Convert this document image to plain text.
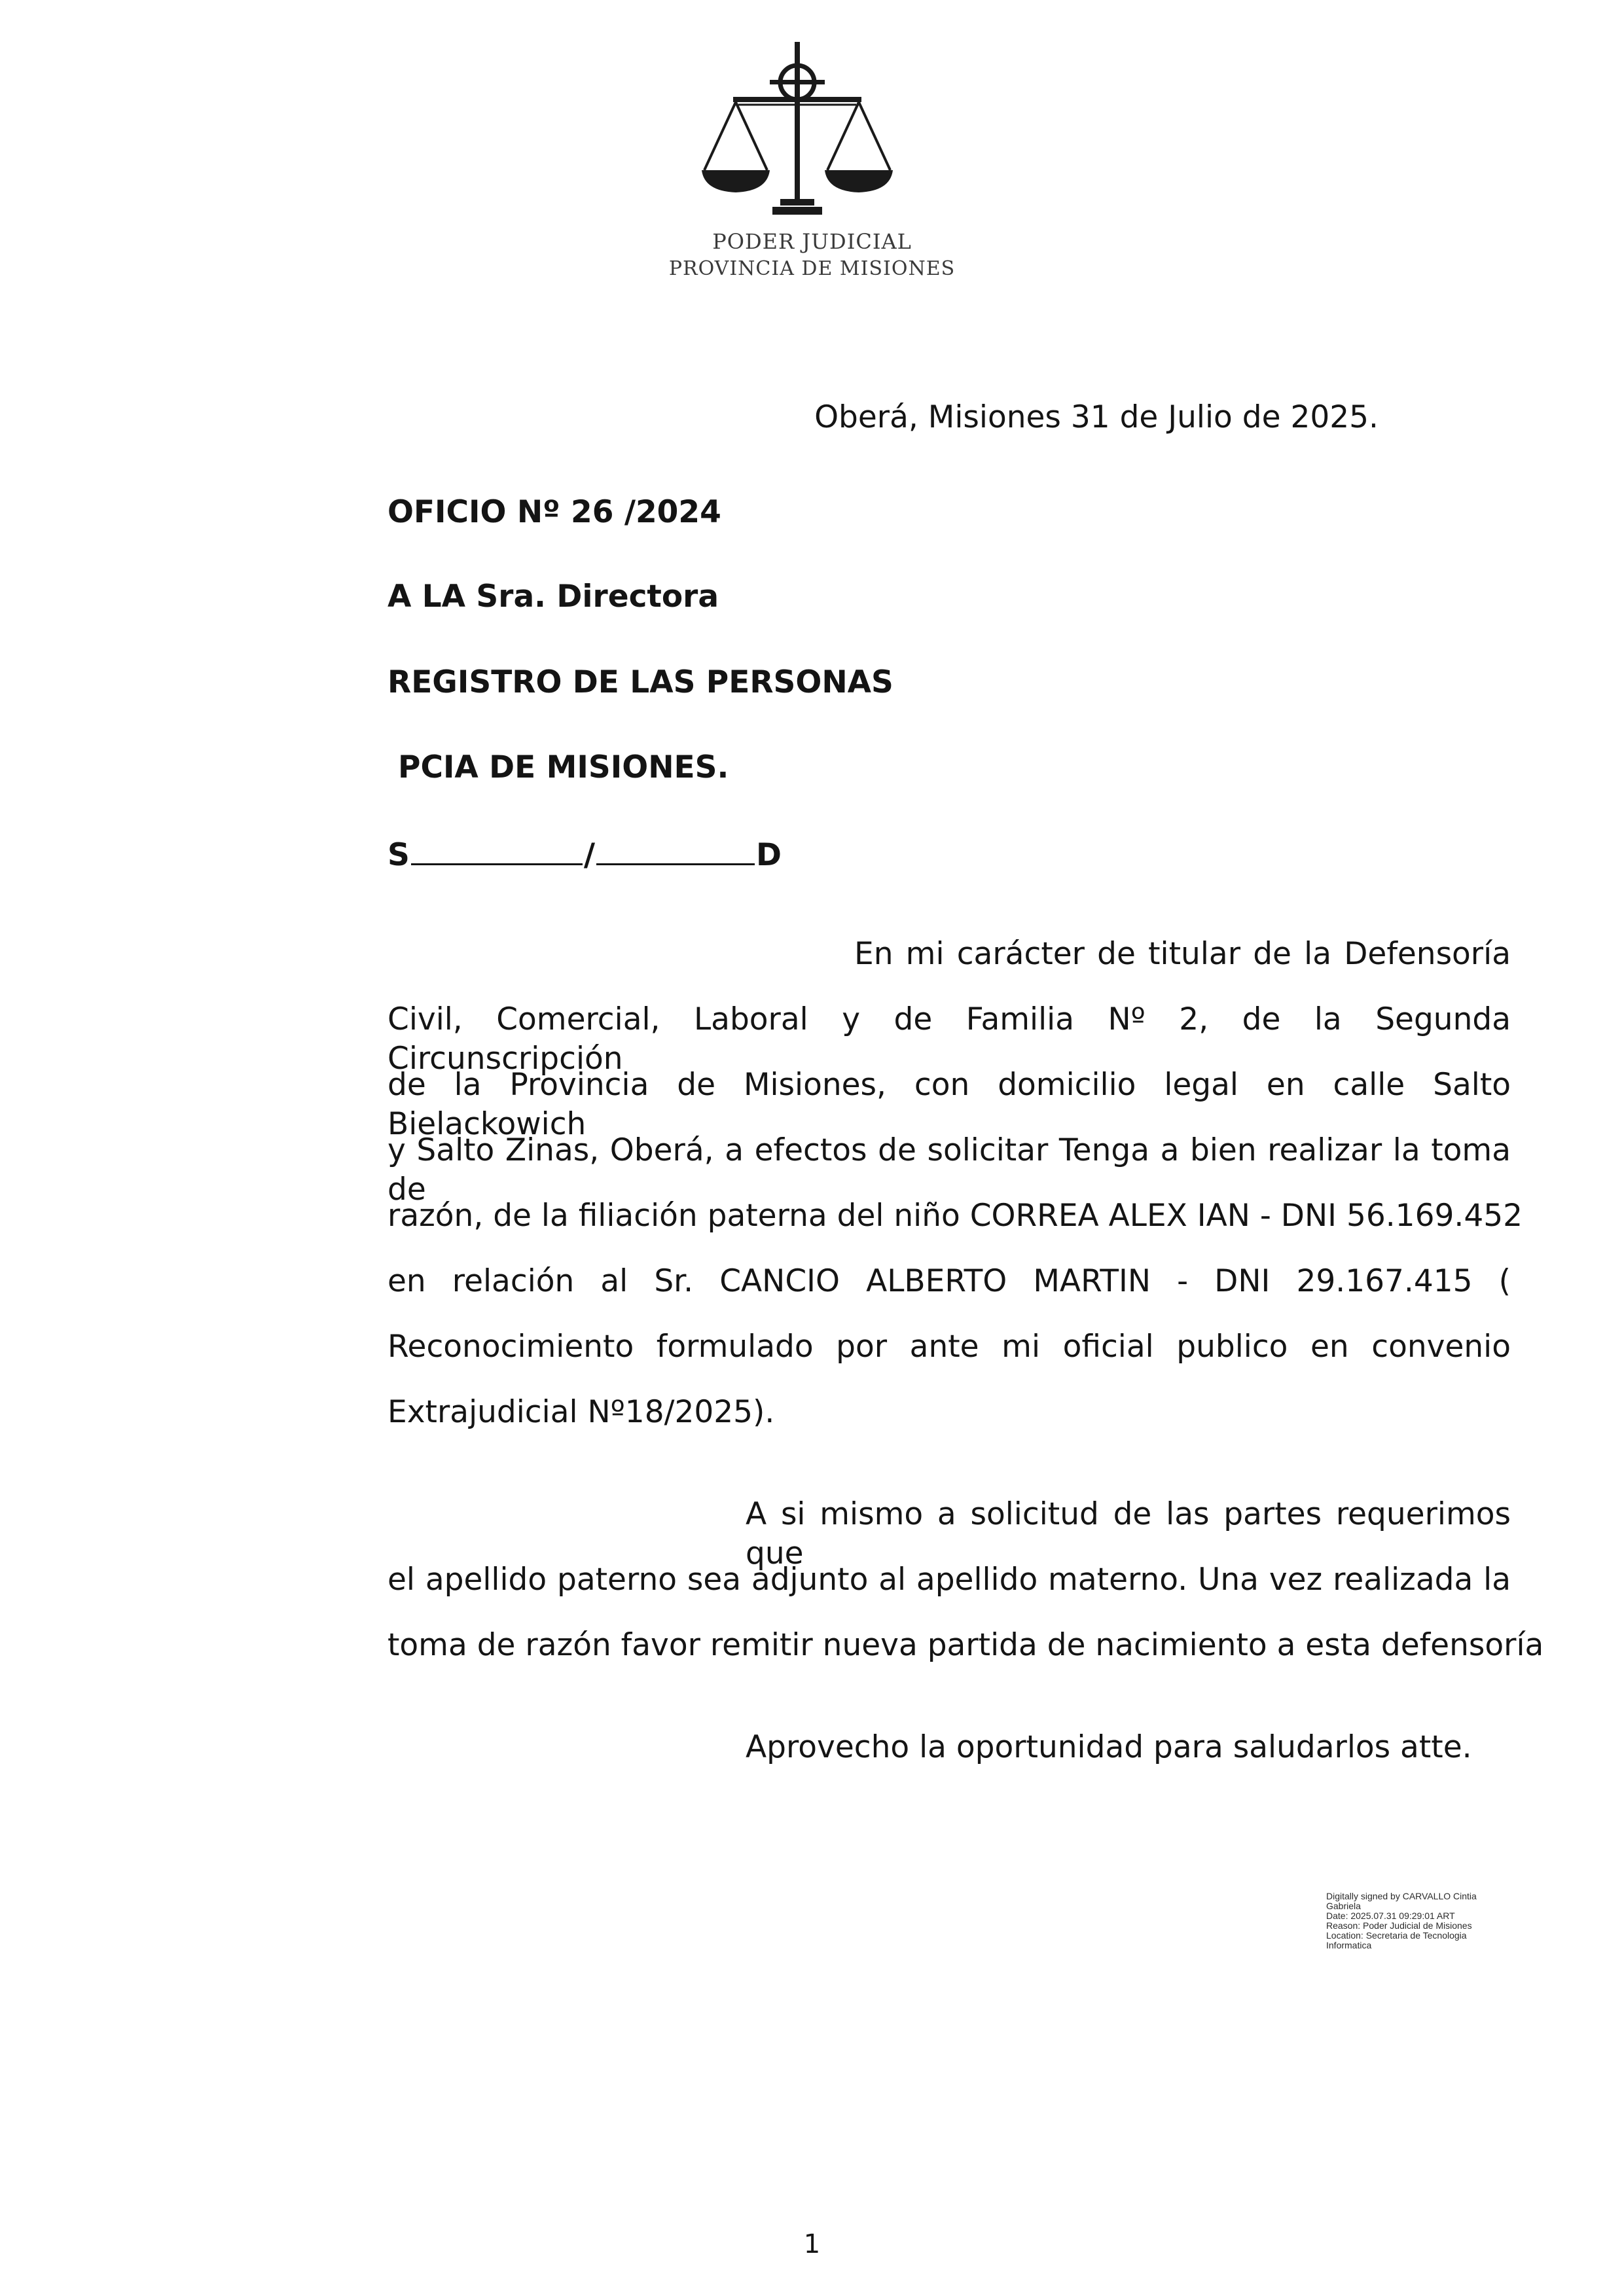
PODER JUDICIAL
PROVINCIA DE MISIONES
Oberá, Misiones 31 de Julio de 2025.
OFICIO Nº 26 /2024
A LA Sra. Directora
REGISTRO DE LAS PERSONAS
PCIA DE MISIONES.
S	/	D
En mi carácter de titular de la Defensoría
Civil, Comercial, Laboral y de Familia Nº 2, de la Segunda Circunscripción
de la Provincia de Misiones, con domicilio legal en calle Salto Bielackowich
y Salto Zinas, Oberá, a efectos de solicitar Tenga a bien realizar la toma de
razón, de la filiación paterna del niño CORREA ALEX IAN - DNI 56.169.452
en relación al Sr. CANCIO ALBERTO MARTIN - DNI 29.167.415 (
Reconocimiento formulado por ante mi oficial publico en convenio
Extrajudicial Nº18/2025).
A si mismo a solicitud de las partes requerimos que
el apellido paterno sea adjunto al apellido materno. Una vez realizada la
toma de razón favor remitir nueva partida de nacimiento a esta defensoría
Aprovecho la oportunidad para saludarlos atte.
Digitally signed by CARVALLO Cintia
Gabriela
Date: 2025.07.31 09:29:01 ART
Reason: Poder Judicial de Misiones
Location: Secretaria de Tecnologia
Informatica
1
